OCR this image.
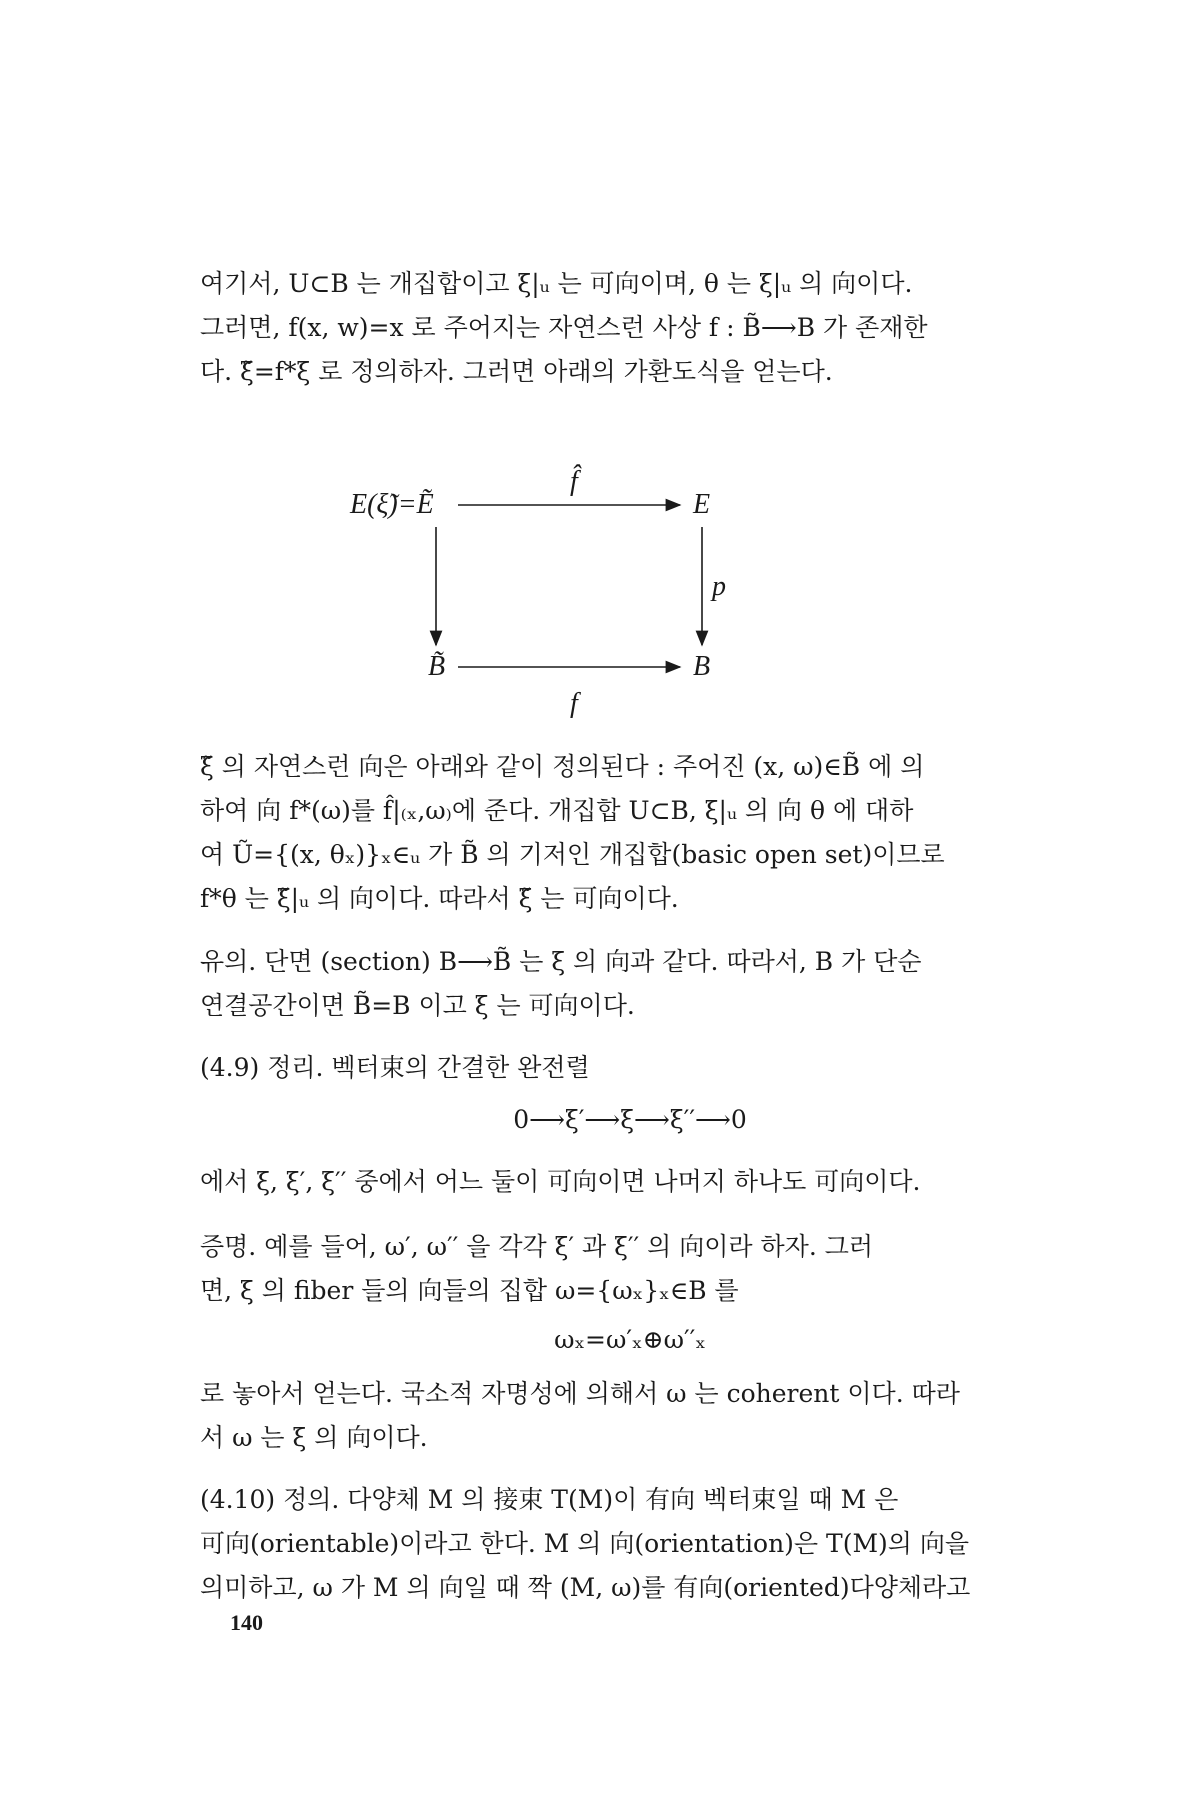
여기서, U⊂B 는 개집합이고 ξ|ᵤ 는 可向이며, θ 는 ξ|ᵤ 의 向이다.

그러면, f(x, w)=x 로 주어지는 자연스런 사상 f : B̃⟶B 가 존재한

다. ξ̃=f*ξ 로 정의하자. 그러면 아래의 가환도식을 얻는다.

E(ξ̃)=Ẽ	E
B̃	B
f̂
f
p

ξ̃ 의 자연스런 向은 아래와 같이 정의된다 : 주어진 (x, ω)∈B̃ 에 의

하여 向 f*(ω)를 f̂|₍ₓ,ω₎에 준다. 개집합 U⊂B, ξ|ᵤ 의 向 θ 에 대하

여 Ũ={(x, θₓ)}ₓ∈ᵤ 가 B̃ 의 기저인 개집합(basic open set)이므로

f*θ 는 ξ̃|ᵤ 의 向이다. 따라서 ξ̃ 는 可向이다.

유의. 단면 (section) B⟶B̃ 는 ξ 의 向과 같다. 따라서, B 가 단순

연결공간이면 B̃=B 이고 ξ 는 可向이다.

(4.9) 정리. 벡터束의 간결한 완전렬

0⟶ξ′⟶ξ⟶ξ′′⟶0

에서 ξ, ξ′, ξ′′ 중에서 어느 둘이 可向이면 나머지 하나도 可向이다.

증명. 예를 들어, ω′, ω′′ 을 각각 ξ′ 과 ξ′′ 의 向이라 하자. 그러

면, ξ 의 fiber 들의 向들의 집합 ω={ωₓ}ₓ∈B 를

ωₓ=ω′ₓ⊕ω′′ₓ

로 놓아서 얻는다. 국소적 자명성에 의해서 ω 는 coherent 이다. 따라

서 ω 는 ξ 의 向이다.

(4.10) 정의. 다양체 M 의 接束 T(M)이 有向 벡터束일 때 M 은

可向(orientable)이라고 한다. M 의 向(orientation)은 T(M)의 向을

의미하고, ω 가 M 의 向일 때 짝 (M, ω)를 有向(oriented)다양체라고

140
